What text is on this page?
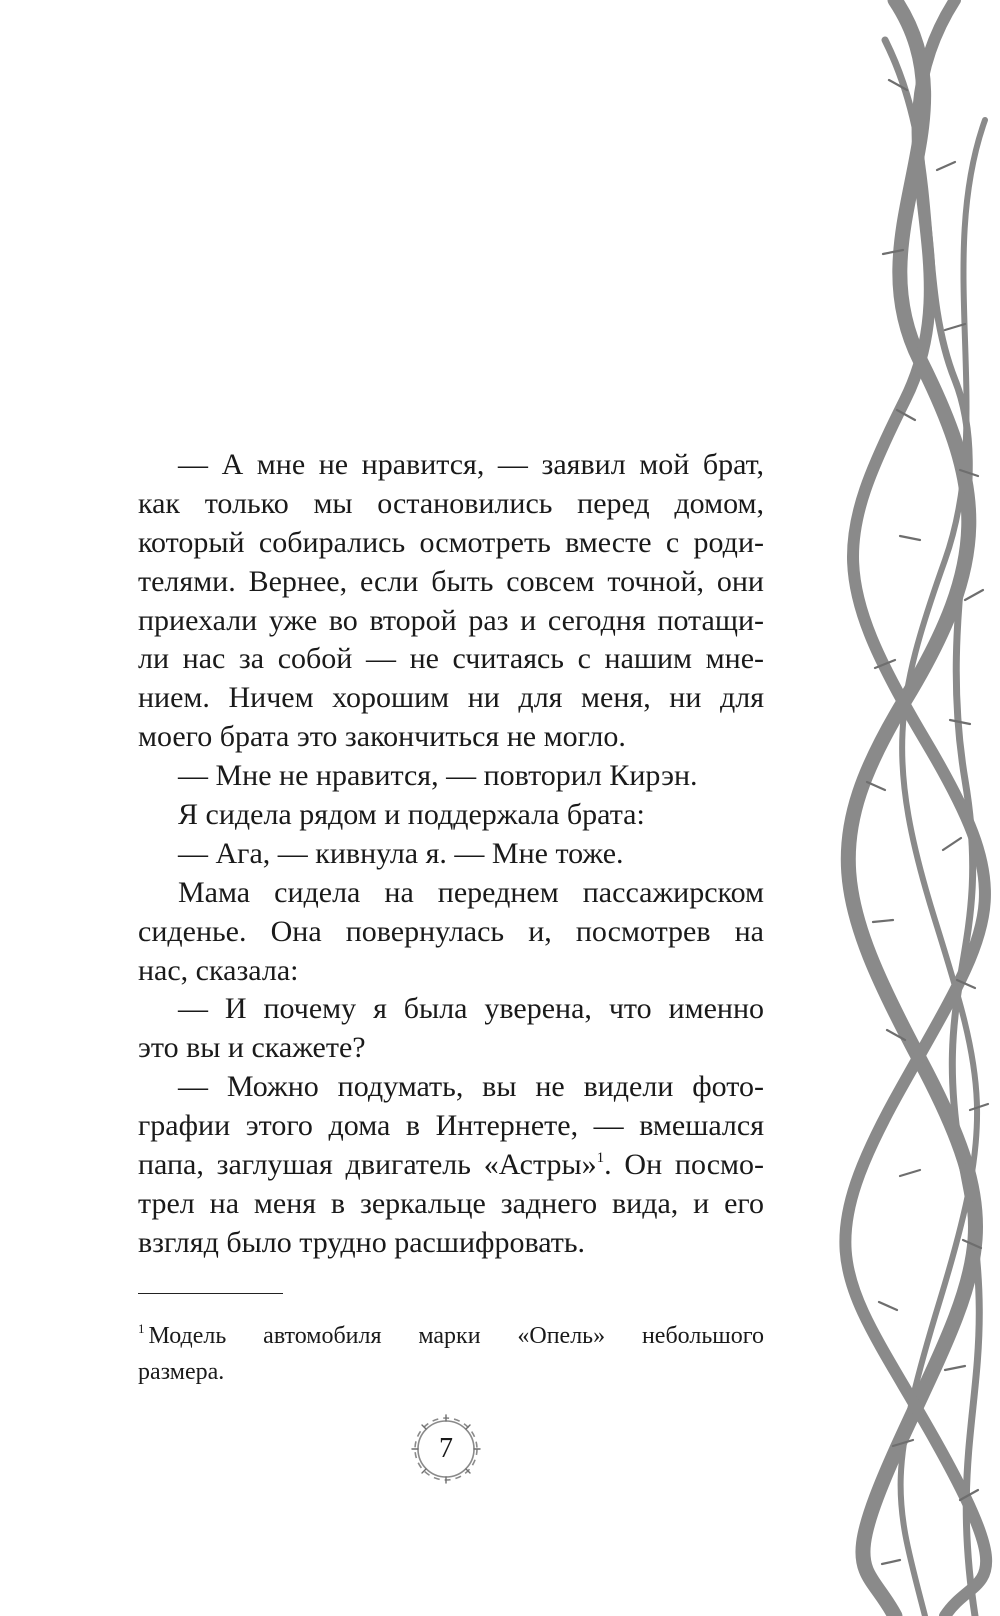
— А мне не нравится, — заявил мой брат,
как только мы остановились перед домом,
который собирались осмотреть вместе с роди-
телями. Вернее, если быть совсем точной, они
приехали уже во второй раз и сегодня потащи-
ли нас за собой — не считаясь с нашим мне-
нием. Ничем хорошим ни для меня, ни для
моего брата это закончиться не могло.
— Мне не нравится, — повторил Кирэн.
Я сидела рядом и поддержала брата:
— Ага, — кивнула я. — Мне тоже.
Мама сидела на переднем пассажирском
сиденье. Она повернулась и, посмотрев на
нас, сказала:
— И почему я была уверена, что именно
это вы и скажете?
— Можно подумать, вы не видели фото-
графии этого дома в Интернете, — вмешался
папа, заглушая двигатель «Астры»$^1$. Он посмо-
трел на меня в зеркальце заднего вида, и его
взгляд было трудно расшифровать.
$^1$ Модель автомобиля марки «Опель» небольшого
размера.
7
